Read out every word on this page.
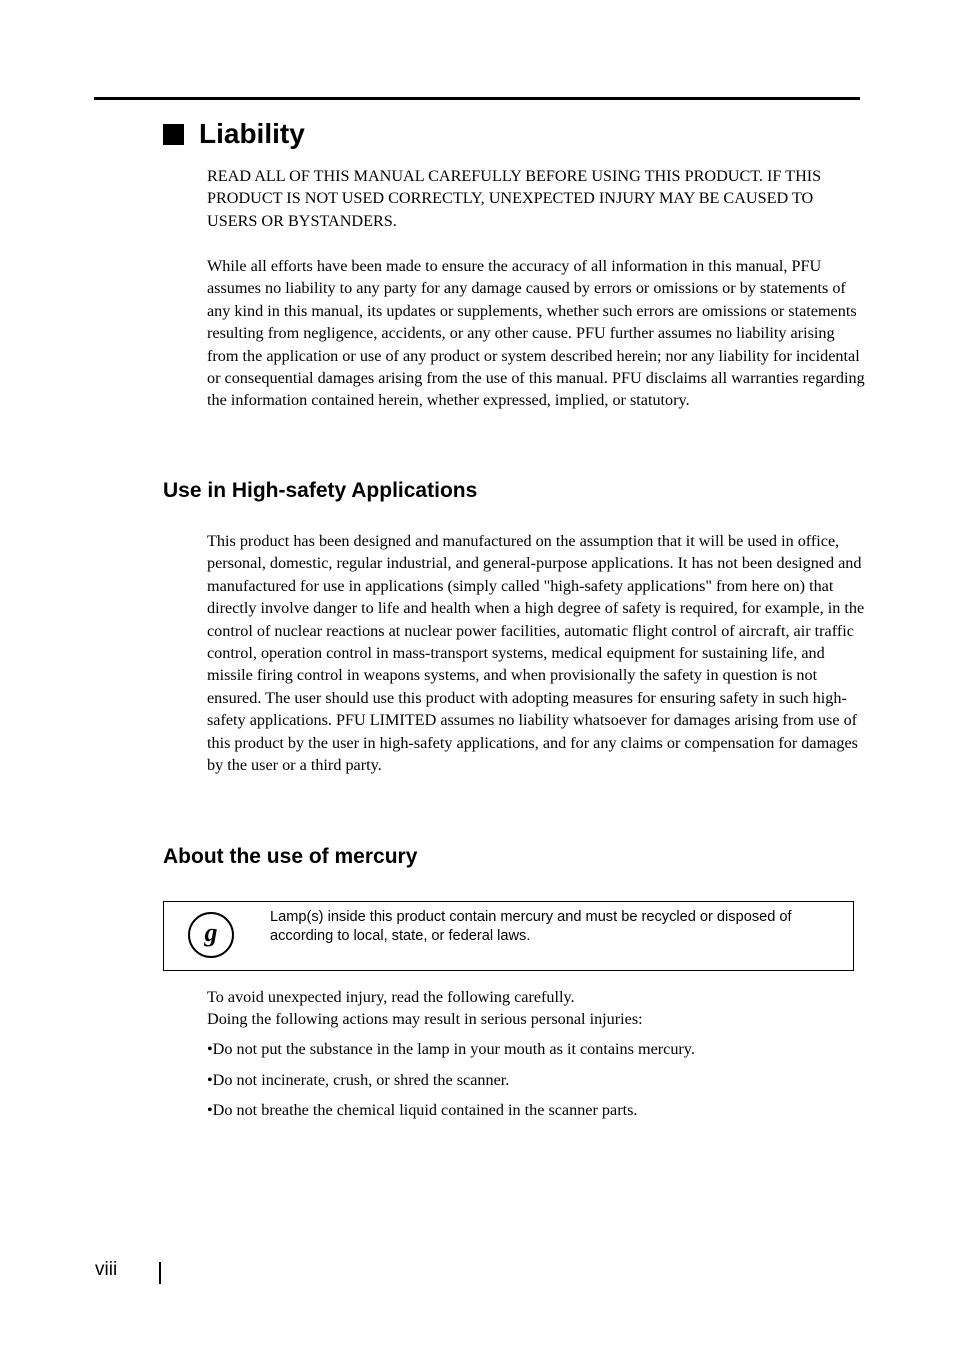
Liability

READ ALL OF THIS MANUAL CAREFULLY BEFORE USING THIS PRODUCT. IF THIS PRODUCT IS NOT USED CORRECTLY, UNEXPECTED INJURY MAY BE CAUSED TO USERS OR BYSTANDERS.

While all efforts have been made to ensure the accuracy of all information in this manual, PFU assumes no liability to any party for any damage caused by errors or omissions or by statements of any kind in this manual, its updates or supplements, whether such errors are omissions or statements resulting from negligence, accidents, or any other cause. PFU further assumes no liability arising from the application or use of any product or system described herein; nor any liability for incidental or consequential damages arising from the use of this manual. PFU disclaims all warranties regarding the information contained herein, whether expressed, implied, or statutory.

Use in High-safety Applications

This product has been designed and manufactured on the assumption that it will be used in office, personal, domestic, regular industrial, and general-purpose applications. It has not been designed and manufactured for use in applications (simply called "high-safety applications" from here on) that directly involve danger to life and health when a high degree of safety is required, for example, in the control of nuclear reactions at nuclear power facilities, automatic flight control of aircraft, air traffic control, operation control in mass-transport systems, medical equipment for sustaining life, and missile firing control in weapons systems, and when provisionally the safety in question is not ensured. The user should use this product with adopting measures for ensuring safety in such high-safety applications. PFU LIMITED assumes no liability whatsoever for damages arising from use of this product by the user in high-safety applications, and for any claims or compensation for damages by the user or a third party.

About the use of mercury
g

Lamp(s) inside this product contain mercury and must be recycled or disposed of according to local, state, or federal laws.

To avoid unexpected injury, read the following carefully.

Doing the following actions may result in serious personal injuries:

•Do not put the substance in the lamp in your mouth as it contains mercury.

•Do not incinerate, crush, or shred the scanner.

•Do not breathe the chemical liquid contained in the scanner parts.

viii
